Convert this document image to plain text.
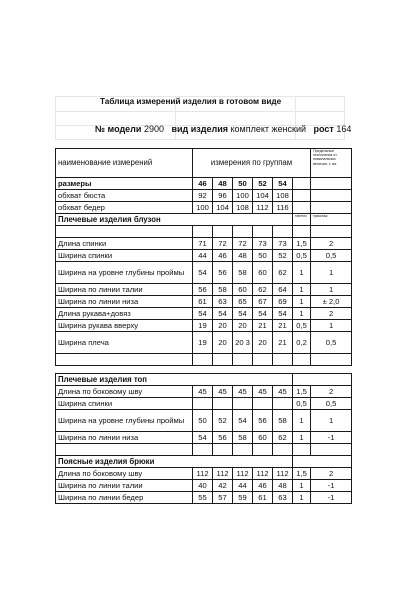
Таблица измерений изделия в готовом виде
№ модели 2900 вид изделия комплект женский рост 164
наименование измерений	измерения по группам						Предельные отклонения от номинальных величин, ± см.
размеры	46	48	50	52	54		
обхват бюста	92	96	100	104	108		
обхват бедер	100	104	108	112	116		
Плечевые изделия блузон						тангенс	трикотаж

Длина спинки	71	72	72	73	73	1,5	2
Ширина спинки	44	46	48	50	52	0,5	0,5
Ширина на уровне глубины проймы	54	56	58	60	62	1	1
Ширина по линии талии	56	58	60	62	64	1	1
Ширина по линии низа	61	63	65	67	69	1	± 2,0
Длина рукава+довяз	54	54	54	54	54	1	2
Ширина рукава вверху	19	20	20	21	21	0,5	1
Ширина плеча	19	20	20 3	20	21	0,2	0,5

Плечевые изделия топ							
Длина по боковому шву	45	45	45	45	45	1,5	2
Ширина спинки						0,5	0,5
Ширина на уровне глубины проймы	50	52	54	56	58	1	1
Ширина по линии низа	54	56	58	60	62	1	-1

Поясные изделия брюки							
Длина по боковому шву	112	112	112	112	112	1,5	2
Ширина по линии талии	40	42	44	46	48	1	-1
Ширина по линии бедер	55	57	59	61	63	1	-1
